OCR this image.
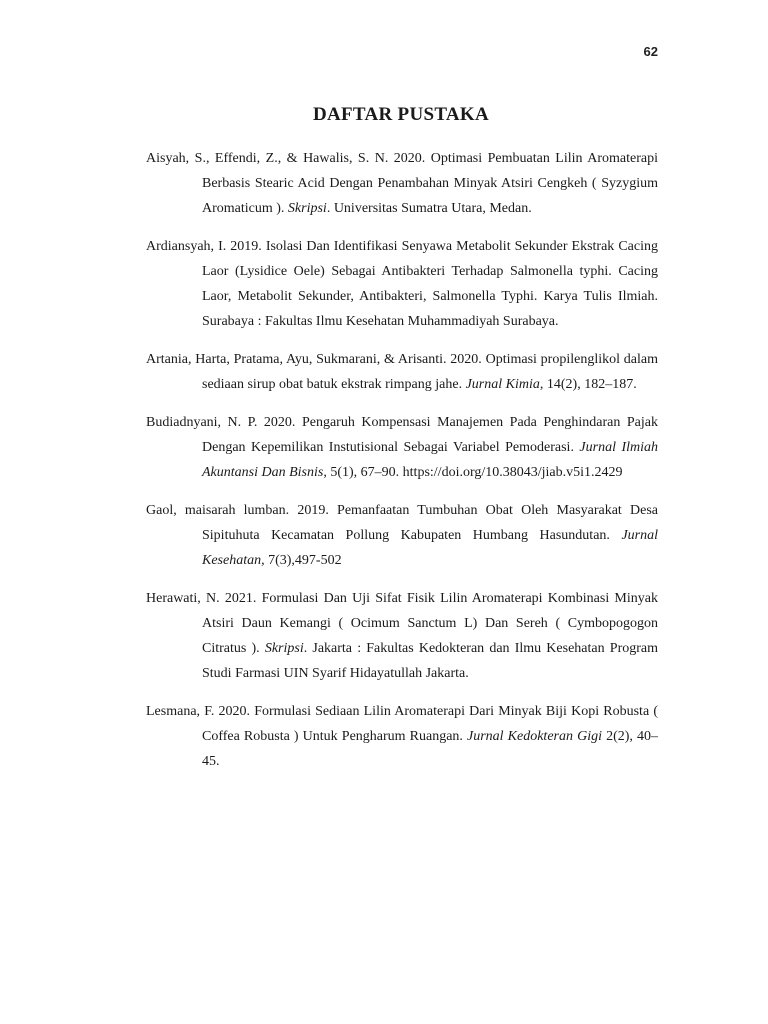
62
DAFTAR PUSTAKA
Aisyah, S., Effendi, Z., & Hawalis, S. N. 2020. Optimasi Pembuatan Lilin Aromaterapi Berbasis Stearic Acid Dengan Penambahan Minyak Atsiri Cengkeh ( Syzygium Aromaticum ). Skripsi. Universitas Sumatra Utara, Medan.
Ardiansyah, I. 2019. Isolasi Dan Identifikasi Senyawa Metabolit Sekunder Ekstrak Cacing Laor (Lysidice Oele) Sebagai Antibakteri Terhadap Salmonella typhi. Cacing Laor, Metabolit Sekunder, Antibakteri, Salmonella Typhi. Karya Tulis Ilmiah. Surabaya : Fakultas Ilmu Kesehatan Muhammadiyah Surabaya.
Artania, Harta, Pratama, Ayu, Sukmarani, & Arisanti. 2020. Optimasi propilenglikol dalam sediaan sirup obat batuk ekstrak rimpang jahe. Jurnal Kimia, 14(2), 182–187.
Budiadnyani, N. P. 2020. Pengaruh Kompensasi Manajemen Pada Penghindaran Pajak Dengan Kepemilikan Instutisional Sebagai Variabel Pemoderasi. Jurnal Ilmiah Akuntansi Dan Bisnis, 5(1), 67–90. https://doi.org/10.38043/jiab.v5i1.2429
Gaol, maisarah lumban. 2019. Pemanfaatan Tumbuhan Obat Oleh Masyarakat Desa Sipituhuta Kecamatan Pollung Kabupaten Humbang Hasundutan. Jurnal Kesehatan, 7(3),497-502
Herawati, N. 2021. Formulasi Dan Uji Sifat Fisik Lilin Aromaterapi Kombinasi Minyak Atsiri Daun Kemangi ( Ocimum Sanctum L) Dan Sereh ( Cymbopogogon Citratus ). Skripsi. Jakarta : Fakultas Kedokteran dan Ilmu Kesehatan Program Studi Farmasi UIN Syarif Hidayatullah Jakarta.
Lesmana, F. 2020. Formulasi Sediaan Lilin Aromaterapi Dari Minyak Biji Kopi Robusta ( Coffea Robusta ) Untuk Pengharum Ruangan. Jurnal Kedokteran Gigi 2(2), 40–45.
